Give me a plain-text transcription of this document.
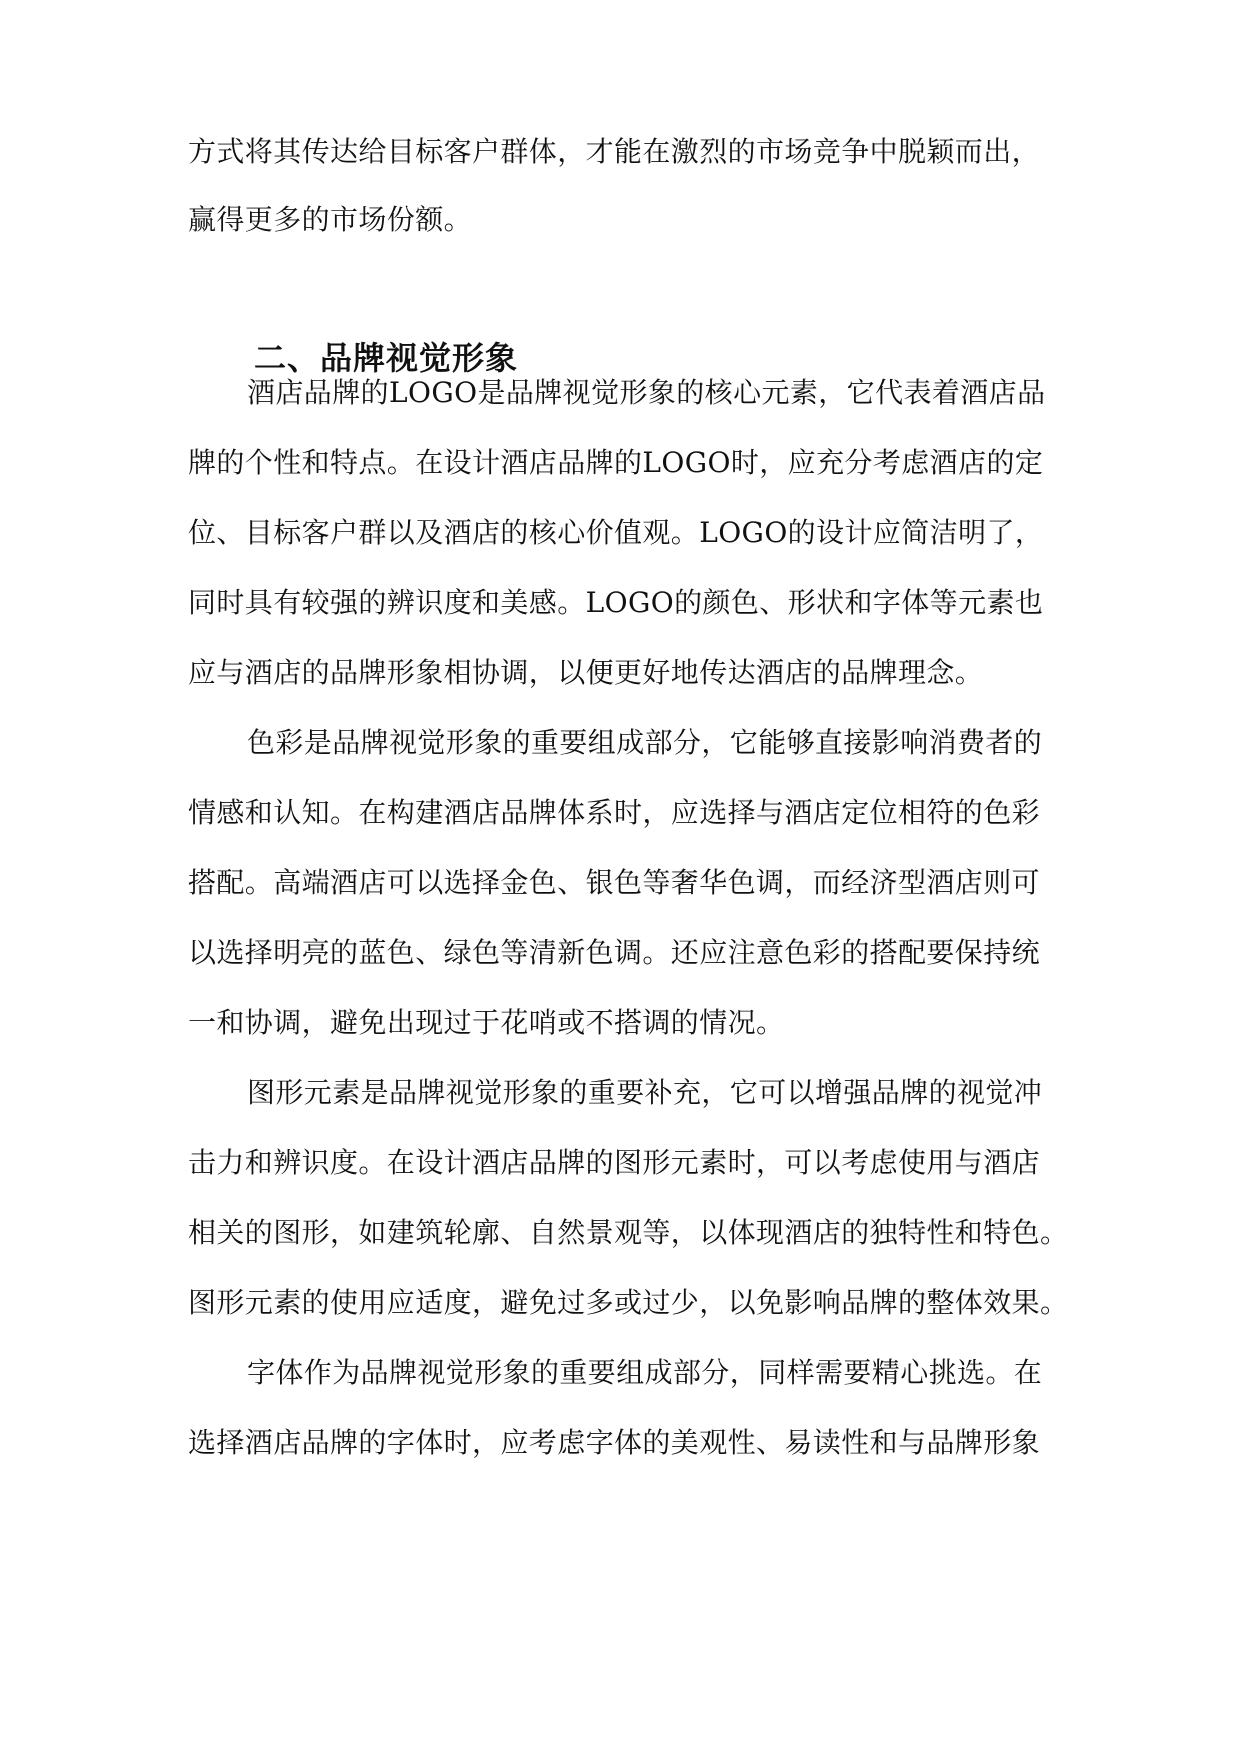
方式将其传达给目标客户群体，才能在激烈的市场竞争中脱颖而出，
赢得更多的市场份额。
二、品牌视觉形象
酒店品牌的LOGO是品牌视觉形象的核心元素，它代表着酒店品
牌的个性和特点。在设计酒店品牌的LOGO时，应充分考虑酒店的定
位、目标客户群以及酒店的核心价值观。LOGO的设计应简洁明了，
同时具有较强的辨识度和美感。LOGO的颜色、形状和字体等元素也
应与酒店的品牌形象相协调，以便更好地传达酒店的品牌理念。
色彩是品牌视觉形象的重要组成部分，它能够直接影响消费者的
情感和认知。在构建酒店品牌体系时，应选择与酒店定位相符的色彩
搭配。高端酒店可以选择金色、银色等奢华色调，而经济型酒店则可
以选择明亮的蓝色、绿色等清新色调。还应注意色彩的搭配要保持统
一和协调，避免出现过于花哨或不搭调的情况。
图形元素是品牌视觉形象的重要补充，它可以增强品牌的视觉冲
击力和辨识度。在设计酒店品牌的图形元素时，可以考虑使用与酒店
相关的图形，如建筑轮廓、自然景观等，以体现酒店的独特性和特色。
图形元素的使用应适度，避免过多或过少，以免影响品牌的整体效果。
字体作为品牌视觉形象的重要组成部分，同样需要精心挑选。在
选择酒店品牌的字体时，应考虑字体的美观性、易读性和与品牌形象
